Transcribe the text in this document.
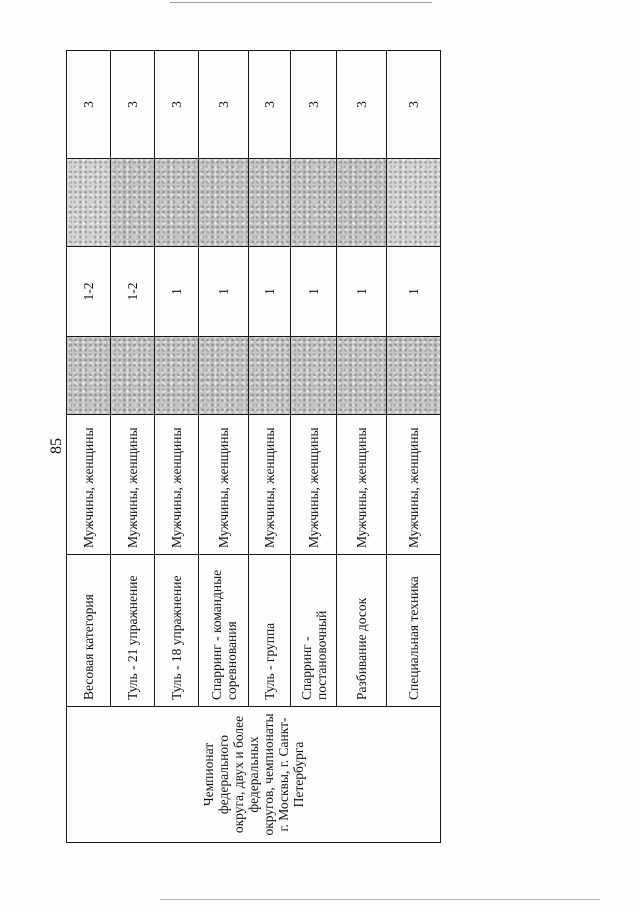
85
Чемпионат федерального округа, двух и более федеральных округов, чемпионаты г. Москвы, г. Санкт-Петербурга	Весовая категория	Мужчины, женщины		1-2		3
	Туль - 21 упражнение	Мужчины, женщины		1-2		3
	Туль - 18 упражнение	Мужчины, женщины		1		3
	Спарринг - командные соревнования	Мужчины, женщины		1		3
	Туль - группа	Мужчины, женщины		1		3
	Спарринг - постановочный	Мужчины, женщины		1		3
	Разбивание досок	Мужчины, женщины		1		3
	Специальная техника	Мужчины, женщины		1		3
